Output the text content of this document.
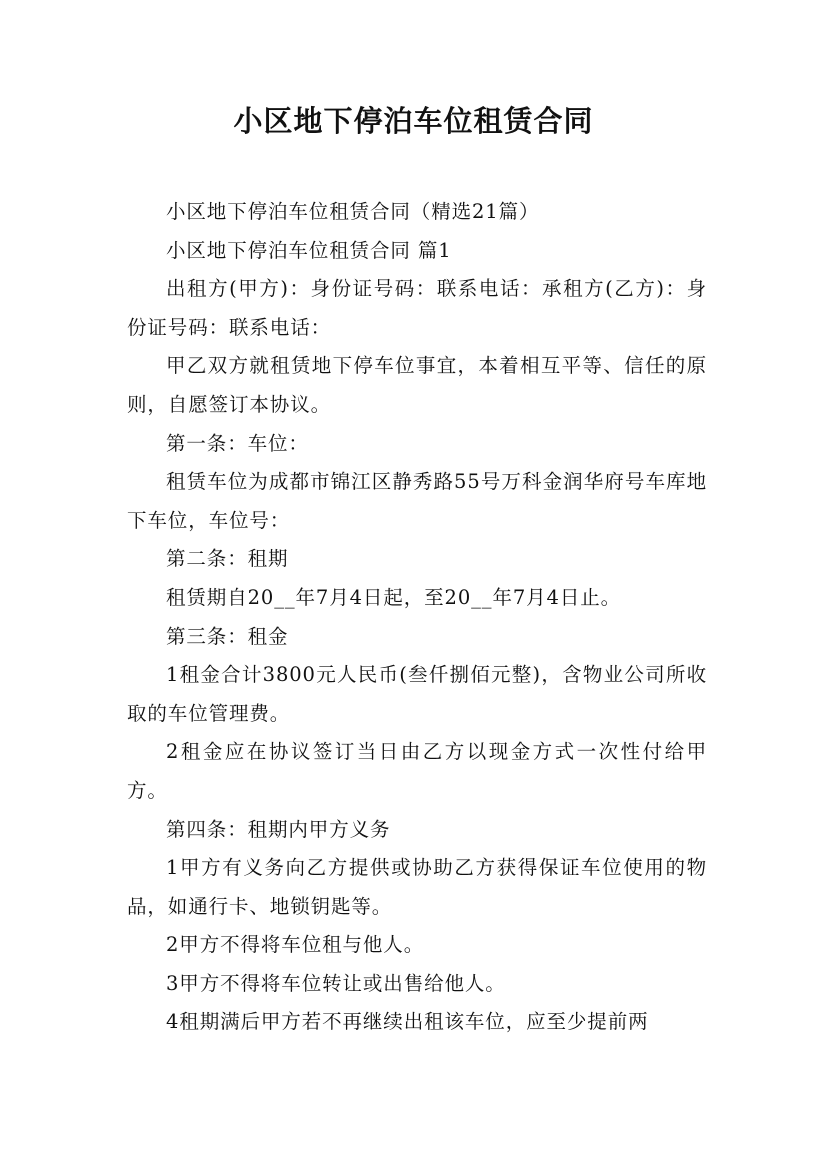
小区地下停泊车位租赁合同

小区地下停泊车位租赁合同（精选21篇）

小区地下停泊车位租赁合同 篇1

出租方(甲方)：身份证号码：联系电话：承租方(乙方)：身份证号码：联系电话：

甲乙双方就租赁地下停车位事宜，本着相互平等、信任的原则，自愿签订本协议。

第一条：车位：

租赁车位为成都市锦江区静秀路55号万科金润华府号车库地下车位，车位号：

第二条：租期

租赁期自20__年7月4日起，至20__年7月4日止。

第三条：租金

1租金合计3800元人民币(叁仟捌佰元整)，含物业公司所收取的车位管理费。

2租金应在协议签订当日由乙方以现金方式一次性付给甲方。

第四条：租期内甲方义务

1甲方有义务向乙方提供或协助乙方获得保证车位使用的物品，如通行卡、地锁钥匙等。

2甲方不得将车位租与他人。

3甲方不得将车位转让或出售给他人。

4租期满后甲方若不再继续出租该车位，应至少提前两
